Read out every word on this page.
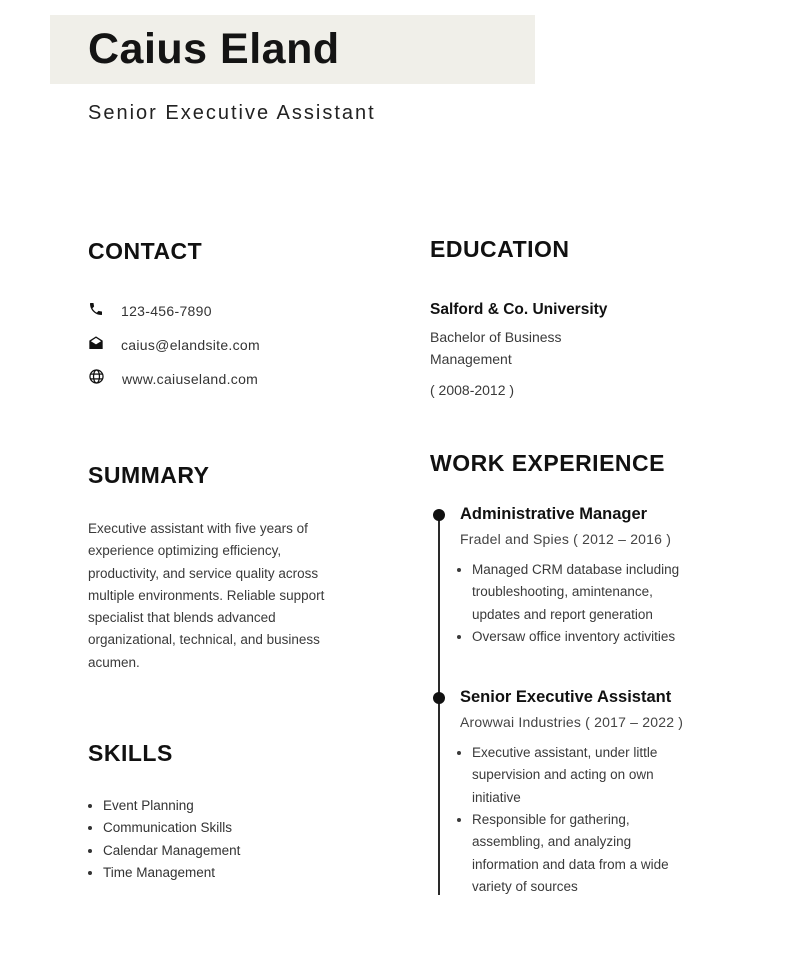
Caius Eland
Senior Executive Assistant
CONTACT
123-456-7890
caius@elandsite.com
www.caiuseland.com
SUMMARY

Executive assistant with five years of experience optimizing efficiency, productivity, and service quality across multiple environments. Reliable support specialist that blends advanced organizational, technical, and business acumen.

SKILLS
• Event Planning
• Communication Skills
• Calendar Management
• Time Management
EDUCATION
Salford & Co. University
Bachelor of Business Management
( 2008-2012 )
WORK EXPERIENCE
Administrative Manager
Fradel and Spies ( 2012 – 2016 )
• Managed CRM database including troubleshooting, amintenance, updates and report generation
• Oversaw office inventory activities
Senior Executive Assistant
Arowwai Industries ( 2017 – 2022 )
• Executive assistant, under little supervision and acting on own initiative
• Responsible for gathering, assembling, and analyzing information and data from a wide variety of sources
